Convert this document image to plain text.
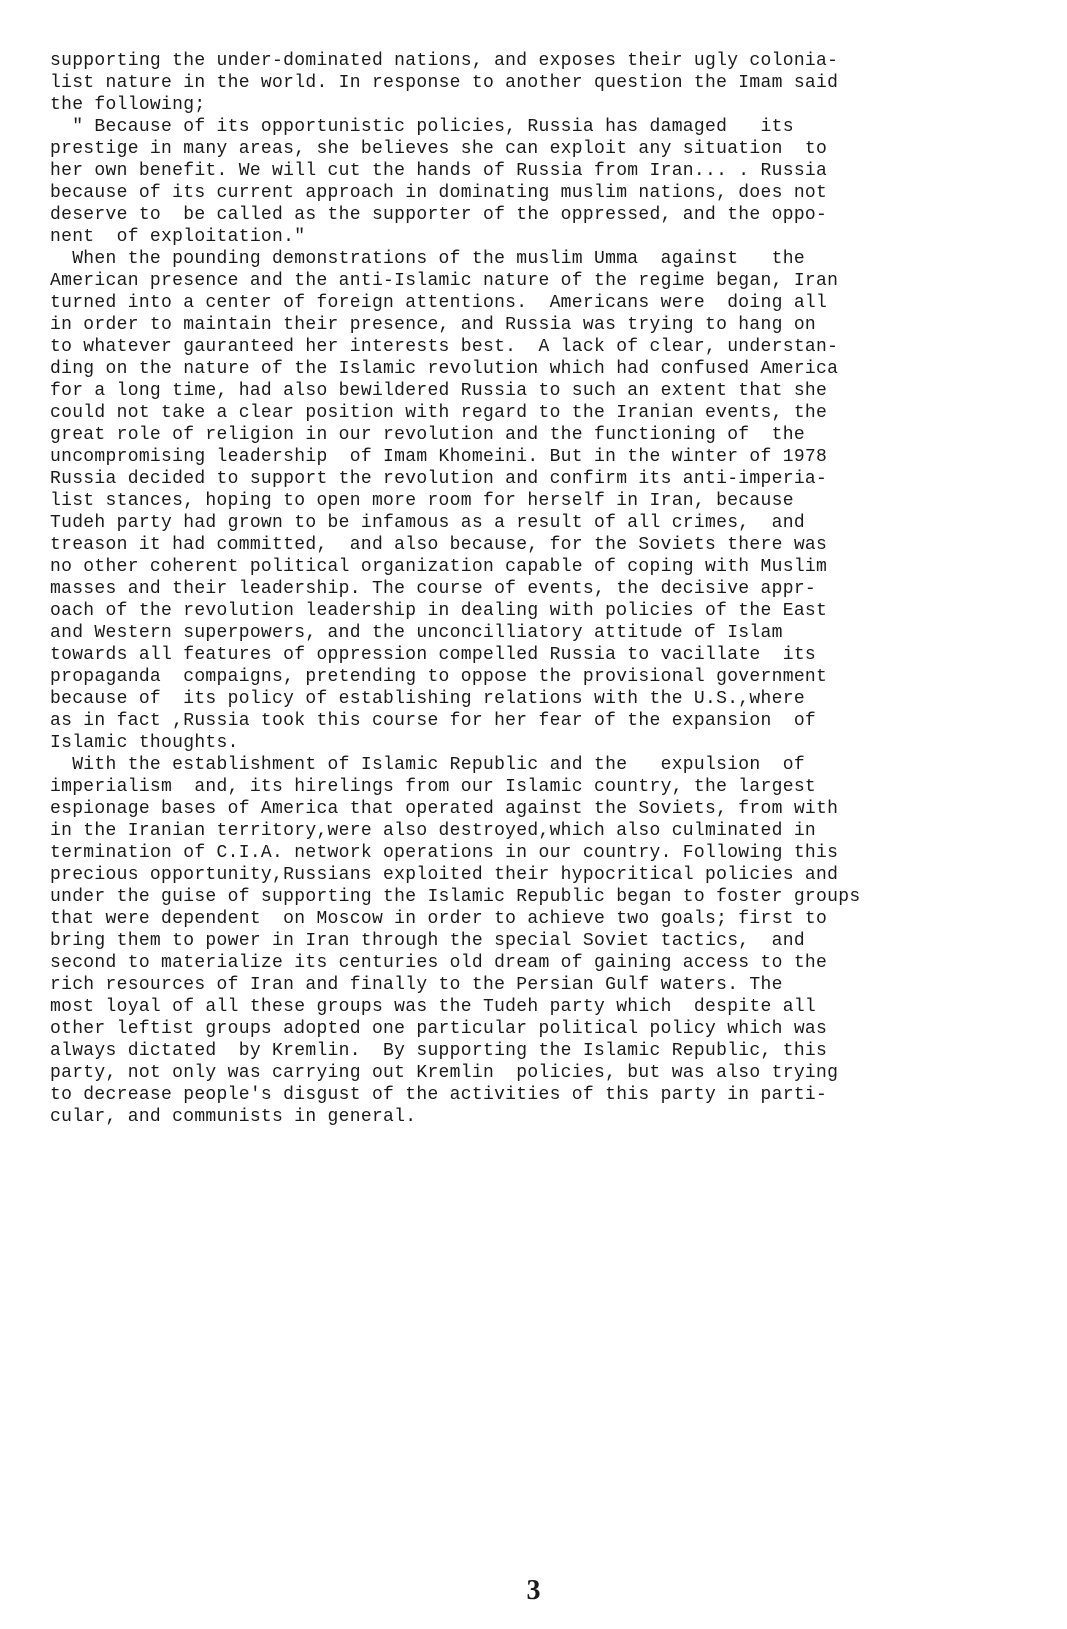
supporting the under-dominated nations, and exposes their ugly colonia-
list nature in the world. In response to another question the Imam said
the following;
" Because of its opportunistic policies, Russia has damaged   its
prestige in many areas, she believes she can exploit any situation  to
her own benefit. We will cut the hands of Russia from Iran... . Russia
because of its current approach in dominating muslim nations, does not
deserve to  be called as the supporter of the oppressed, and the oppo-
nent  of exploitation."
When the pounding demonstrations of the muslim Umma  against   the
American presence and the anti-Islamic nature of the regime began, Iran
turned into a center of foreign attentions.  Americans were  doing all
in order to maintain their presence, and Russia was trying to hang on
to whatever gauranteed her interests best.  A lack of clear, understan-
ding on the nature of the Islamic revolution which had confused America
for a long time, had also bewildered Russia to such an extent that she
could not take a clear position with regard to the Iranian events, the
great role of religion in our revolution and the functioning of  the
uncompromising leadership  of Imam Khomeini. But in the winter of 1978
Russia decided to support the revolution and confirm its anti-imperia-
list stances, hoping to open more room for herself in Iran, because
Tudeh party had grown to be infamous as a result of all crimes,  and
treason it had committed,  and also because, for the Soviets there was
no other coherent political organization capable of coping with Muslim
masses and their leadership. The course of events, the decisive appr-
oach of the revolution leadership in dealing with policies of the East
and Western superpowers, and the unconcilliatory attitude of Islam
towards all features of oppression compelled Russia to vacillate  its
propaganda  compaigns, pretending to oppose the provisional government
because of  its policy of establishing relations with the U.S.,where
as in fact ,Russia took this course for her fear of the expansion  of
Islamic thoughts.
With the establishment of Islamic Republic and the   expulsion  of
imperialism  and, its hirelings from our Islamic country, the largest
espionage bases of America that operated against the Soviets, from with
in the Iranian territory,were also destroyed,which also culminated in
termination of C.I.A. network operations in our country. Following this
precious opportunity,Russians exploited their hypocritical policies and
under the guise of supporting the Islamic Republic began to foster groups
that were dependent  on Moscow in order to achieve two goals; first to
bring them to power in Iran through the special Soviet tactics,  and
second to materialize its centuries old dream of gaining access to the
rich resources of Iran and finally to the Persian Gulf waters. The
most loyal of all these groups was the Tudeh party which  despite all
other leftist groups adopted one particular political policy which was
always dictated  by Kremlin.  By supporting the Islamic Republic, this
party, not only was carrying out Kremlin  policies, but was also trying
to decrease people's disgust of the activities of this party in parti-
cular, and communists in general.
3
